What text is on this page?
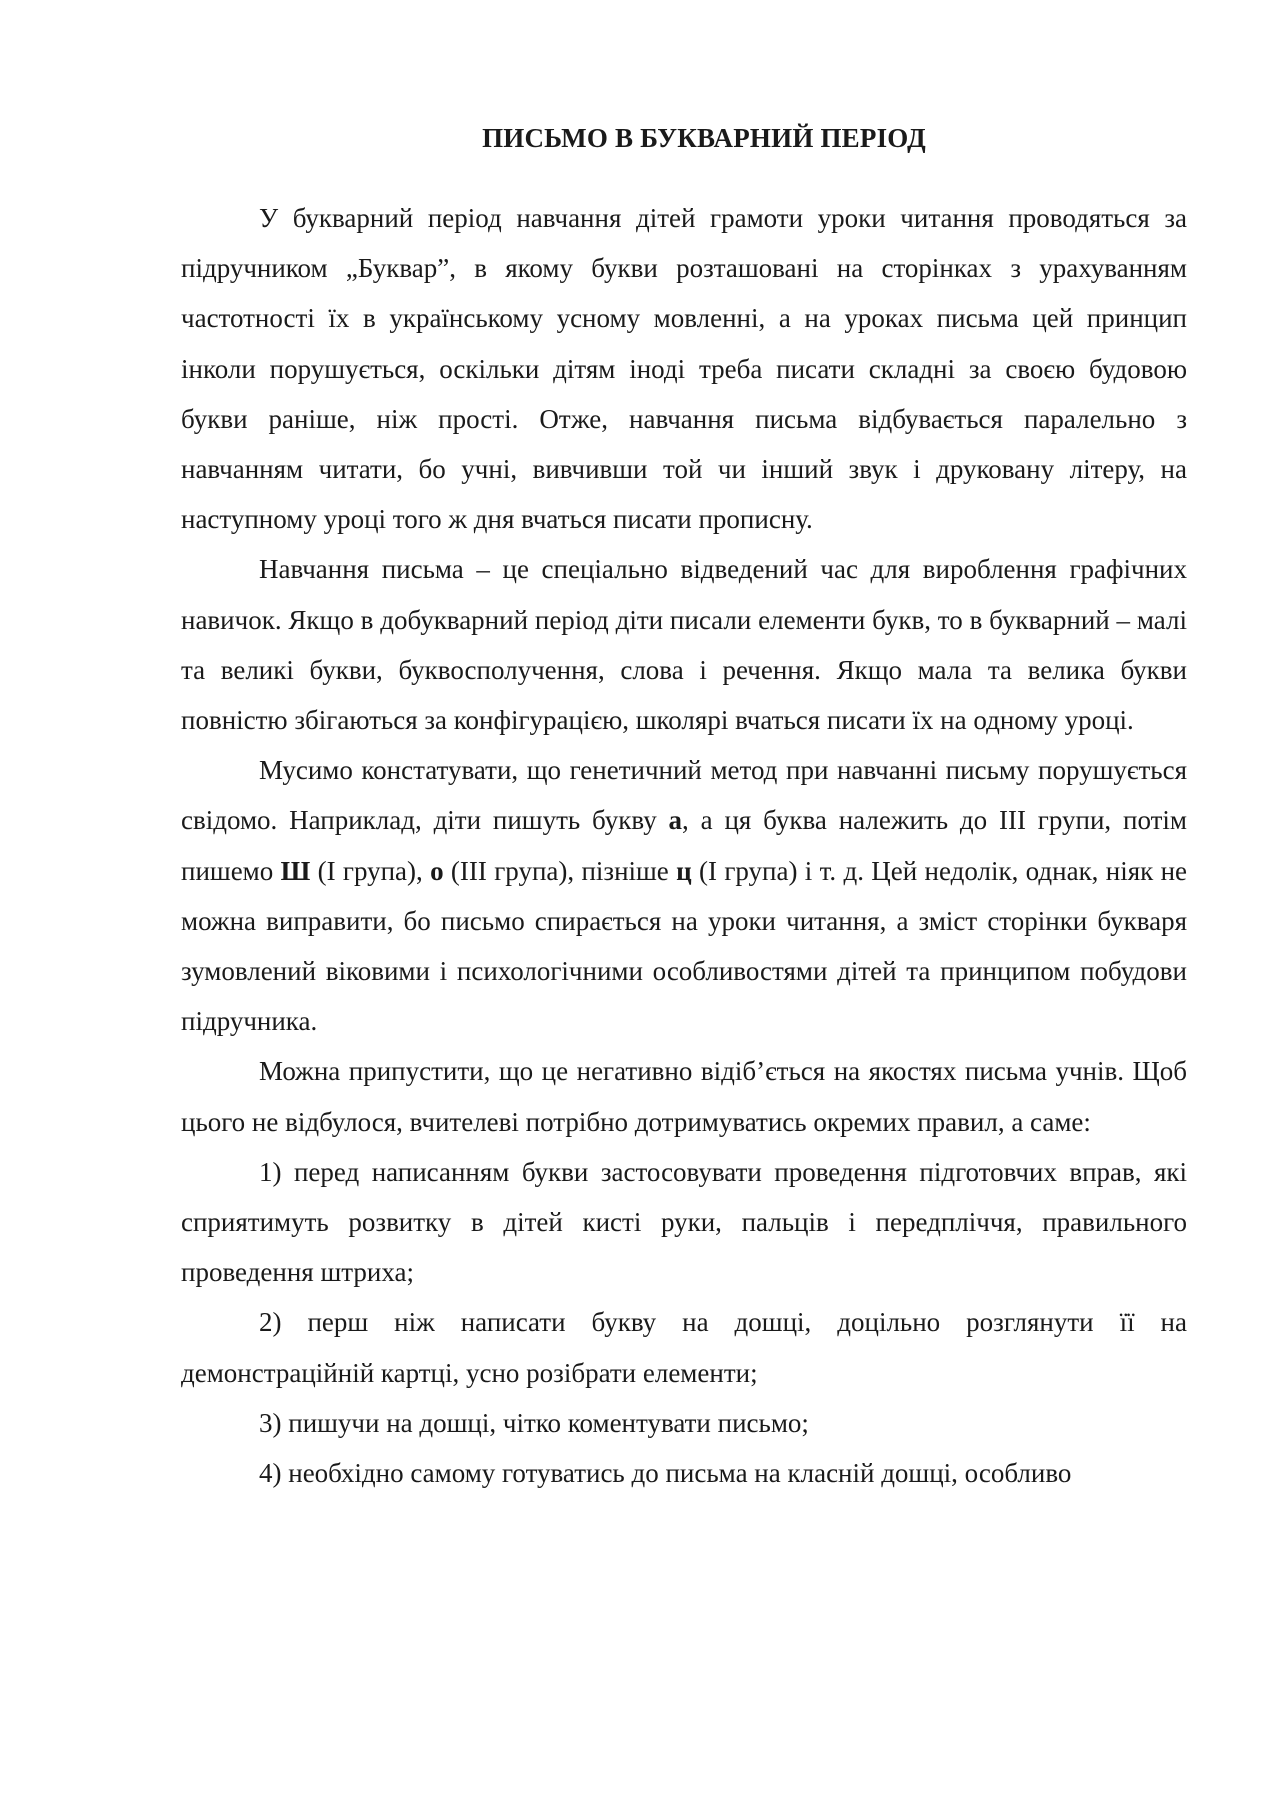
ПИСЬМО В БУКВАРНИЙ ПЕРІОД

У букварний період навчання дітей грамоти уроки читання проводяться за підручником „Буквар”, в якому букви розташовані на сторінках з урахуванням частотності їх в українському усному мовленні, а на уроках письма цей принцип інколи порушується, оскільки дітям іноді треба писати складні за своєю будовою букви раніше, ніж прості. Отже, навчання письма відбувається паралельно з навчанням читати, бо учні, вивчивши той чи інший звук і друковану літеру, на наступному уроці того ж дня вчаться писати прописну.

Навчання письма – це спеціально відведений час для вироблення графічних навичок. Якщо в добукварний період діти писали елементи букв, то в букварний – малі та великі букви, буквосполучення, слова і речення. Якщо мала та велика букви повністю збігаються за конфігурацією, школярі вчаться писати їх на одному уроці.

Мусимо констатувати, що генетичний метод при навчанні письму порушується свідомо. Наприклад, діти пишуть букву а, а ця буква належить до ІІІ групи, потім пишемо Ш (І група), о (ІІІ група), пізніше ц (І група) і т. д. Цей недолік, однак, ніяк не можна виправити, бо письмо спирається на уроки читання, а зміст сторінки букваря зумовлений віковими і психологічними особливостями дітей та принципом побудови підручника.

Можна припустити, що це негативно відіб’ється на якостях письма учнів. Щоб цього не відбулося, вчителеві потрібно дотримуватись окремих правил, а саме:

1) перед написанням букви застосовувати проведення підготовчих вправ, які сприятимуть розвитку в дітей кисті руки, пальців і передпліччя, правильного проведення штриха;

2) перш ніж написати букву на дошці, доцільно розглянути її на демонстраційній картці, усно розібрати елементи;

3) пишучи на дошці, чітко коментувати письмо;

4) необхідно самому готуватись до письма на класній дошці, особливо
